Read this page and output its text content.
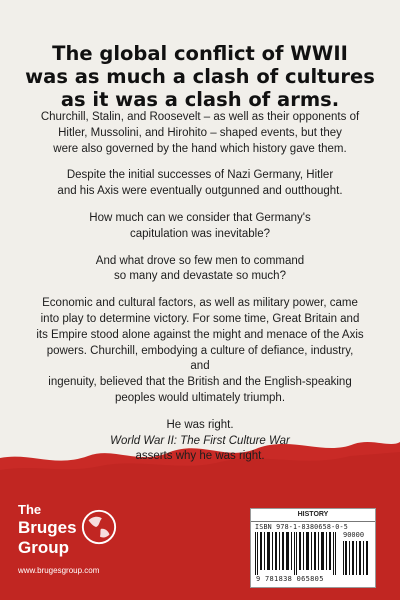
The global conflict of WWII
was as much a clash of cultures
as it was a clash of arms.

Churchill, Stalin, and Roosevelt – as well as their opponents of
Hitler, Mussolini, and Hirohito – shaped events, but they
were also governed by the hand which history gave them.

Despite the initial successes of Nazi Germany, Hitler
and his Axis were eventually outgunned and outthought.

How much can we consider that Germany's
capitulation was inevitable?

And what drove so few men to command
so many and devastate so much?

Economic and cultural factors, as well as military power, came
into play to determine victory. For some time, Great Britain and
its Empire stood alone against the might and menace of the Axis
powers. Churchill, embodying a culture of defiance, industry, and
ingenuity, believed that the British and the English-speaking
peoples would ultimately triumph.

He was right.
World War II: The First Culture War
asserts why he was right.

The
Bruges
Group
www.brugesgroup.com
HISTORY
ISBN 978-1-8380658-0-5
90000
9 781838 065805
